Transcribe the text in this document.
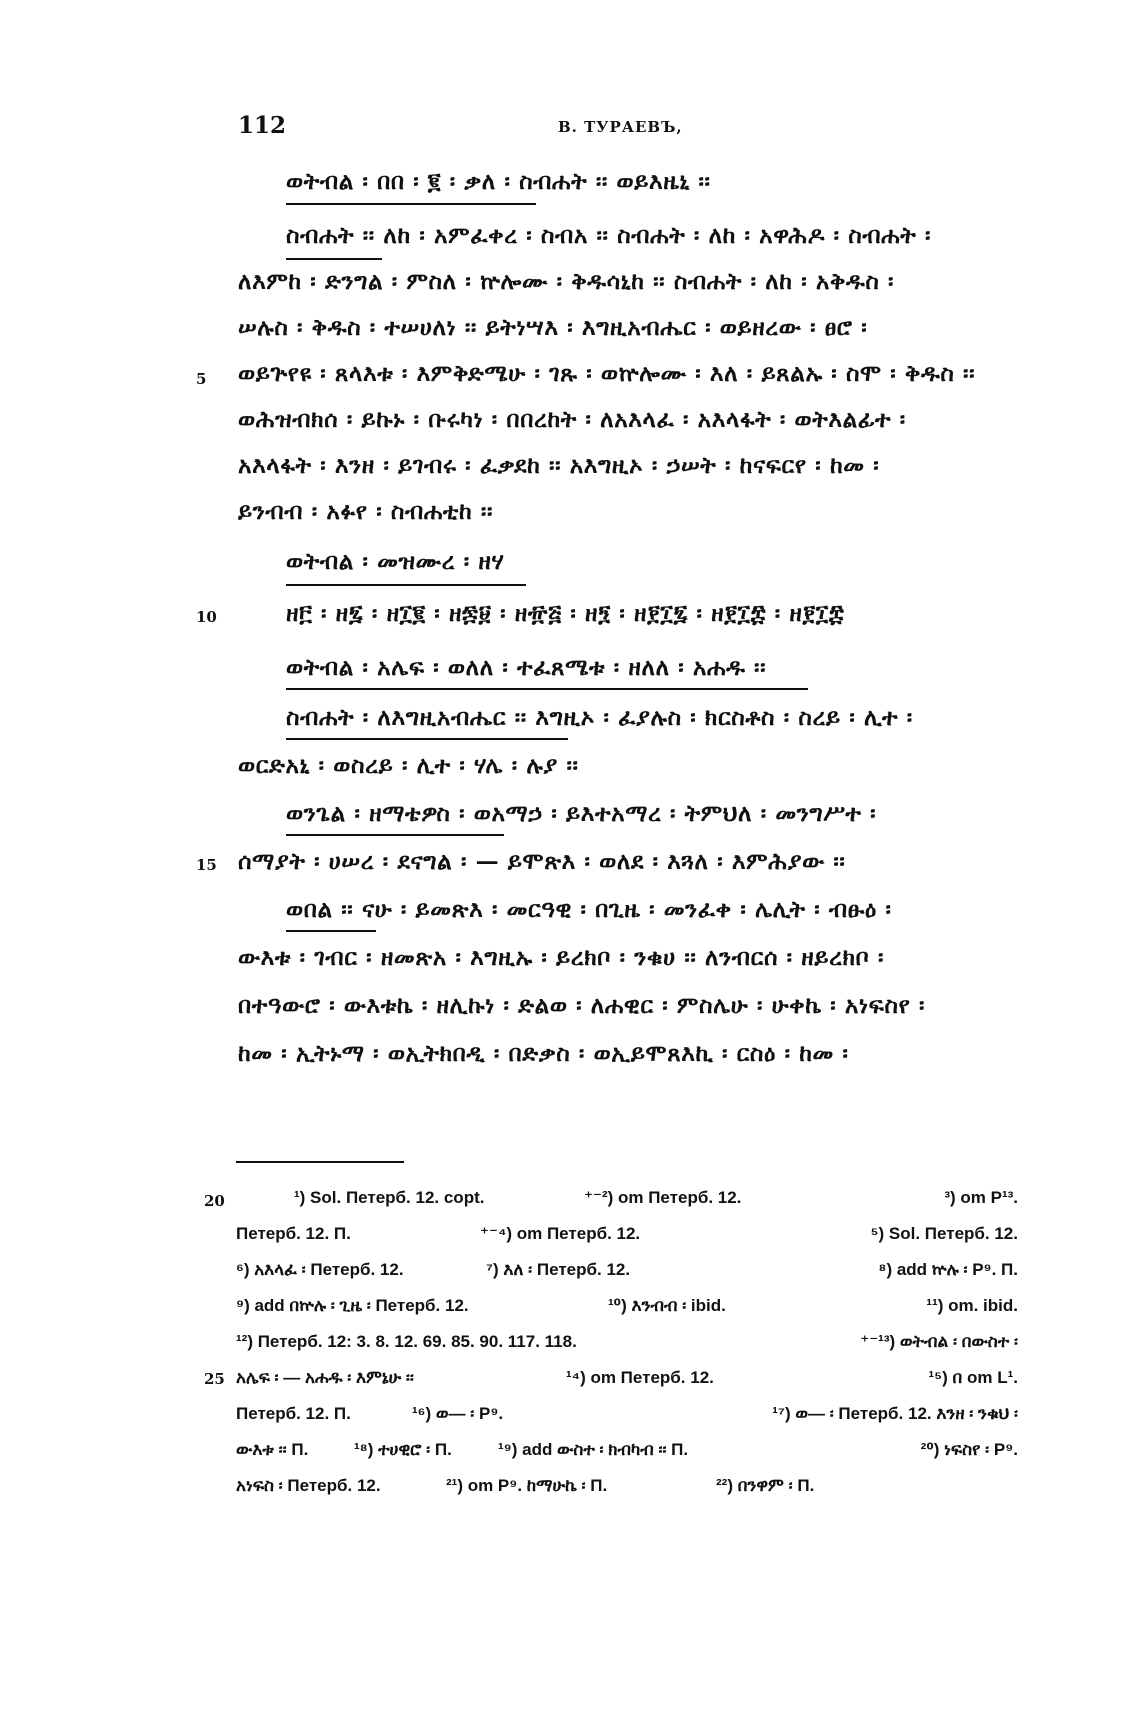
112	В. ТУРАЕВЪ,
ወትብል ፡ በበ ፡ ፪ ፡ ቃለ ፡ ስብሐት ፡፡ ወይእዜኒ ፡፡
ስብሐት ፡፡ ለከ ፡ አምፈቀረ ፡ ስብአ ፡፡ ስብሐት ፡ ለከ ፡ አዋሕዶ ፡ ስብሐት ፡
ለእምከ ፡ ድንግል ፡ ምስለ ፡ ኵሎሙ ፡ ቅዱሳኒከ ፡፡ ስብሐት ፡ ለከ ፡ አቅዱስ ፡
ሠሉስ ፡ ቅዱስ ፡ ተሠሀለነ ፡፡ ይትነሣእ ፡ እግዚአብሔር ፡ ወይዘረው ፡ ፀሮ ፡
ወይጕየዩ ፡ ጸላእቱ ፡ እምቅድሜሁ ፡ ገጹ ፡ ወኵሎሙ ፡ እለ ፡ ይጸልኡ ፡ ስሞ ፡ ቅዱስ ፡፡
ወሕዝብክሰ ፡ ይኩኑ ፡ ቡሩካነ ፡ በበረከት ፡ ለአእላፈ ፡ አእላፋት ፡ ወትእልፊተ ፡
አእላፋት ፡ እንዘ ፡ ይገብሩ ፡ ፈቃደከ ፡፡ አእግዚኦ ፡ ኃሠት ፡ ከናፍርየ ፡ ከመ ፡
ይንብብ ፡ አፉየ ፡ ስብሐቲከ ፡፡
ወትብል ፡ መዝሙረ ፡ ዘሃ
ዘ፫ ፡ ዘ፯ ፡ ዘ፲፪ ፡ ዘ፷፱ ፡ ዘ፹፭ ፡ ዘ፺ ፡ ዘ፻፲፯ ፡ ዘ፻፲፰ ፡ ዘ፻፲፰
ወትብል ፡ አሌፍ ፡ ወለለ ፡ ተፈጸሜቱ ፡ ዘለለ ፡ አሐዱ ፡፡
ስብሐት ፡ ለእግዚአብሔር ፡፡ እግዚኦ ፡ ፈያሉስ ፡ ክርስቶስ ፡ ስረይ ፡ ሊተ ፡
ወርድአኒ ፡ ወስረይ ፡ ሊተ ፡ ሃሌ ፡ ሉያ ፡፡
ወንጌል ፡ ዘማቴዎስ ፡ ወአማኃ ፡ ይእተአማረ ፡ ትምህለ ፡ መንግሥተ ፡
ሰማያት ፡ ሀሠረ ፡ ደናግል ፡ — ይሞጽእ ፡ ወለደ ፡ እጓለ ፡ እምሕያው ፡፡
ወበል ፡፡ ናሁ ፡ ይመጽእ ፡ መርዓዊ ፡ በጊዜ ፡ መንፈቀ ፡ ሌሊት ፡ ብፁዕ ፡
ውእቱ ፡ ገብር ፡ ዘመጽአ ፡ እግዚኡ ፡ ይረክቦ ፡ ንቁሀ ፡፡ ለንብርሰ ፡ ዘይረክቦ ፡
በተዓውሮ ፡ ውእቱኬ ፡ ዘሊኩነ ፡ ድልወ ፡ ለሐዊር ፡ ምስሌሁ ፡ ሁቀኬ ፡ አነፍስየ ፡
ከመ ፡ ኢትኑማ ፡ ወኢትክበዲ ፡ በድቃስ ፡ ወኢይሞጸእኪ ፡ ርስዕ ፡ ከመ ፡
5
10
15
20
25
¹) Sol. Петерб. 12. copt.	⁺⁻²) om Петерб. 12.	³) om P¹³.
Петерб. 12. П.	⁺⁻⁴) om Петерб. 12.	⁵) Sol. Петерб. 12.
⁶) አእላፈ ፡ Петерб. 12.	⁷) እለ ፡ Петерб. 12.	⁸) add ኵሉ ፡ P⁹. П.
⁹) add በኵሉ ፡ ጊዜ ፡ Петерб. 12.	¹⁰) እንብብ ፡ ibid.	¹¹) om. ibid.
¹²) Петерб. 12: 3. 8. 12. 69. 85. 90. 117. 118.	⁺⁻¹³) ወትብል ፡ በውስተ ፡
አሌፍ ፡ — አሐዱ ፡ እምኔሁ ፡፡	¹⁴) om Петерб. 12.	¹⁵) በ om L¹.
Петерб. 12. П.	¹⁶) ወ— ፡ P⁹.	¹⁷) ወ— ፡ Петерб. 12. እንዘ ፡ ንቁህ ፡
ውእቱ ፡፡ П.	¹⁸) ተሀዊሮ ፡ П.	¹⁹) add ውስተ ፡ ክብካብ ፡፡ П.	²⁰) ነፍስየ ፡ P⁹.
አነፍስ ፡ Петерб. 12.	²¹) om P⁹. ከማሁኬ ፡ П.	²²) በንዋም ፡ П.
